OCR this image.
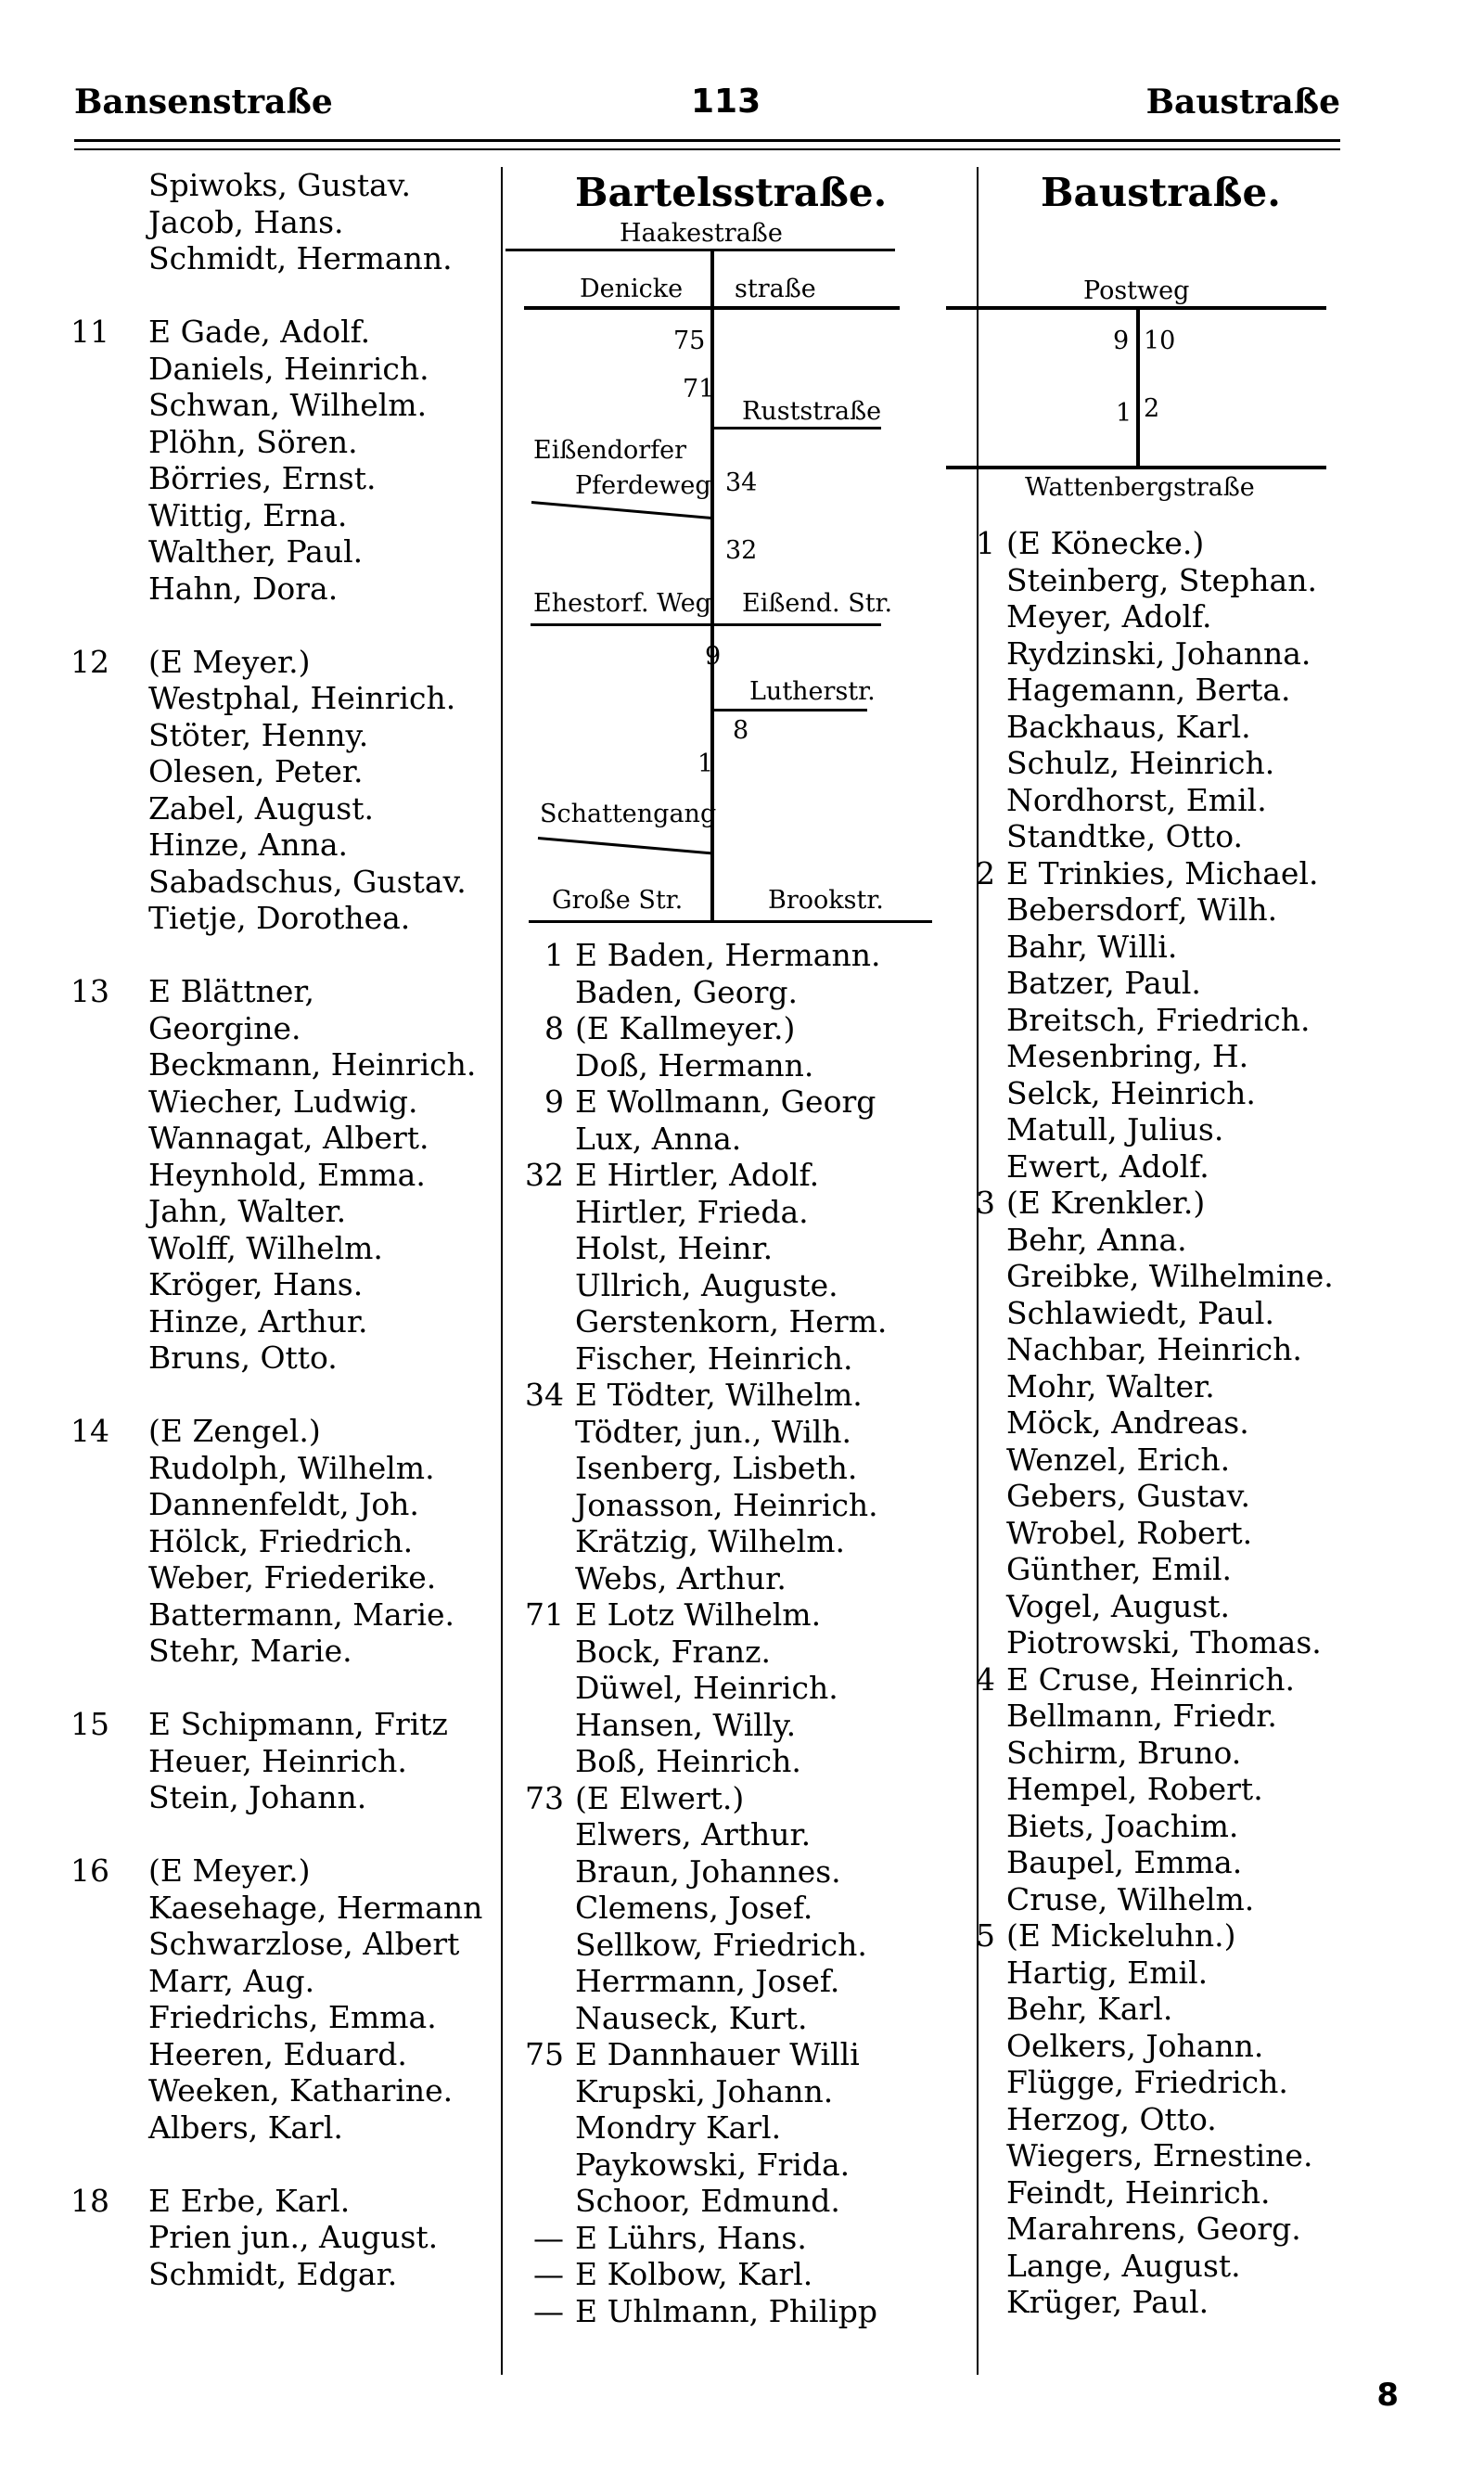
Bansenstraße	113	Baustraße
Spiwoks, Gustav.
Jacob, Hans.
Schmidt, Hermann.
11 E Gade, Adolf.
Daniels, Heinrich.
Schwan, Wilhelm.
Plöhn, Sören.
Börries, Ernst.
Wittig, Erna.
Walther, Paul.
Hahn, Dora.
12 (E Meyer.)
Westphal, Heinrich.
Stöter, Henny.
Olesen, Peter.
Zabel, August.
Hinze, Anna.
Sabadschus, Gustav.
Tietje, Dorothea.
13 E Blättner,
Georgine.
Beckmann, Heinrich.
Wiecher, Ludwig.
Wannagat, Albert.
Heynhold, Emma.
Jahn, Walter.
Wolff, Wilhelm.
Kröger, Hans.
Hinze, Arthur.
Bruns, Otto.
14 (E Zengel.)
Rudolph, Wilhelm.
Dannenfeldt, Joh.
Hölck, Friedrich.
Weber, Friederike.
Battermann, Marie.
Stehr, Marie.
15 E Schipmann, Fritz
Heuer, Heinrich.
Stein, Johann.
16 (E Meyer.)
Kaesehage, Hermann
Schwarzlose, Albert
Marr, Aug.
Friedrichs, Emma.
Heeren, Eduard.
Weeken, Katharine.
Albers, Karl.
18 E Erbe, Karl.
Prien jun., August.
Schmidt, Edgar.
Bartelsstraße.
Haakestraße
Denicke straße
75
71
Ruststraße
Eißendorfer
Pferdeweg 34
32
Ehestorf. Weg Eißend. Str.
9
Lutherstr.
8
1
Schattengang
Große Str.	Brookstr.
1 E Baden, Hermann.
Baden, Georg.
8 (E Kallmeyer.)
Doß, Hermann.
9 E Wollmann, Georg
Lux, Anna.
32 E Hirtler, Adolf.
Hirtler, Frieda.
Holst, Heinr.
Ullrich, Auguste.
Gerstenkorn, Herm.
Fischer, Heinrich.
34 E Tödter, Wilhelm.
Tödter, jun., Wilh.
Isenberg, Lisbeth.
Jonasson, Heinrich.
Krätzig, Wilhelm.
Webs, Arthur.
71 E Lotz Wilhelm.
Bock, Franz.
Düwel, Heinrich.
Hansen, Willy.
Boß, Heinrich.
73 (E Elwert.)
Elwers, Arthur.
Braun, Johannes.
Clemens, Josef.
Sellkow, Friedrich.
Herrmann, Josef.
Nauseck, Kurt.
75 E Dannhauer Willi
Krupski, Johann.
Mondry Karl.
Paykowski, Frida.
Schoor, Edmund.
— E Lührs, Hans.
— E Kolbow, Karl.
— E Uhlmann, Philipp
Baustraße.
Postweg
9 10
1 2
Wattenbergstraße
1 (E Könecke.)
Steinberg, Stephan.
Meyer, Adolf.
Rydzinski, Johanna.
Hagemann, Berta.
Backhaus, Karl.
Schulz, Heinrich.
Nordhorst, Emil.
Standtke, Otto.
2 E Trinkies, Michael.
Bebersdorf, Wilh.
Bahr, Willi.
Batzer, Paul.
Breitsch, Friedrich.
Mesenbring, H.
Selck, Heinrich.
Matull, Julius.
Ewert, Adolf.
3 (E Krenkler.)
Behr, Anna.
Greibke, Wilhelmine.
Schlawiedt, Paul.
Nachbar, Heinrich.
Mohr, Walter.
Möck, Andreas.
Wenzel, Erich.
Gebers, Gustav.
Wrobel, Robert.
Günther, Emil.
Vogel, August.
Piotrowski, Thomas.
4 E Cruse, Heinrich.
Bellmann, Friedr.
Schirm, Bruno.
Hempel, Robert.
Biets, Joachim.
Baupel, Emma.
Cruse, Wilhelm.
5 (E Mickeluhn.)
Hartig, Emil.
Behr, Karl.
Oelkers, Johann.
Flügge, Friedrich.
Herzog, Otto.
Wiegers, Ernestine.
Feindt, Heinrich.
Marahrens, Georg.
Lange, August.
Krüger, Paul.
8
